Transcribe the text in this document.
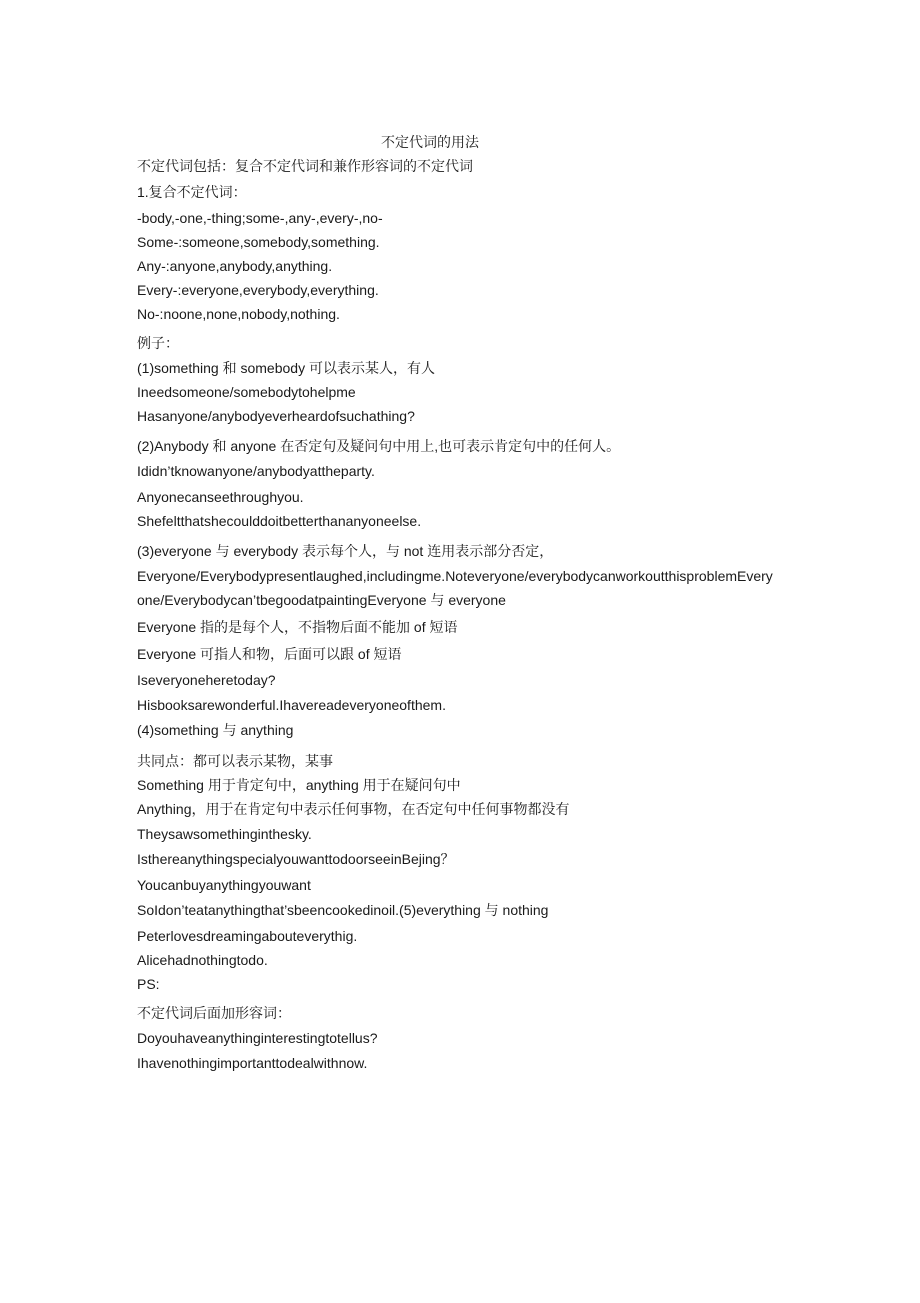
不定代词的用法
不定代词包括：复合不定代词和兼作形容词的不定代词
1.复合不定代词：
-body,-one,-thing;some-,any-,every-,no-
Some-:someone,somebody,something.
Any-:anyone,anybody,anything.
Every-:everyone,everybody,everything.
No-:noone,none,nobody,nothing.
例子：
(1)something 和 somebody 可以表示某人，有人
Ineedsomeone/somebodytohelpme
Hasanyone/anybodyeverheardofsuchathing?
(2)Anybody 和 anyone 在否定句及疑问句中用上,也可表示肯定句中的任何人。
Ididn’tknowanyone/anybodyattheparty.
Anyonecanseethroughyou.
Shefeltthatshecoulddoitbetterthananyoneelse.
(3)everyone 与 everybody 表示每个人，与 not 连用表示部分否定，
Everyone/Everybodypresentlaughed,includingme.Noteveryone/everybodycanworkoutthisproblemEvery
one/Everybodycan’tbegoodatpaintingEveryone 与 everyone
Everyone 指的是每个人，不指物后面不能加 of 短语
Everyone 可指人和物，后面可以跟 of 短语
Iseveryoneheretoday?
Hisbooksarewonderful.Ihavereadeveryoneofthem.
(4)something 与 anything
共同点：都可以表示某物，某事
Something 用于肯定句中，anything 用于在疑问句中
Anything，用于在肯定句中表示任何事物，在否定句中任何事物都没有
Theysawsomethinginthesky.
IsthereanythingspecialyouwanttodoorseeinBejing？
Youcanbuyanythingyouwant
SoIdon’teatanythingthat’sbeencookedinoil.(5)everything 与 nothing
Peterlovesdreamingabouteverythig.
Alicehadnothingtodo.
PS:
不定代词后面加形容词：
Doyouhaveanythinginterestingtotellus?
Ihavenothingimportanttodealwithnow.
